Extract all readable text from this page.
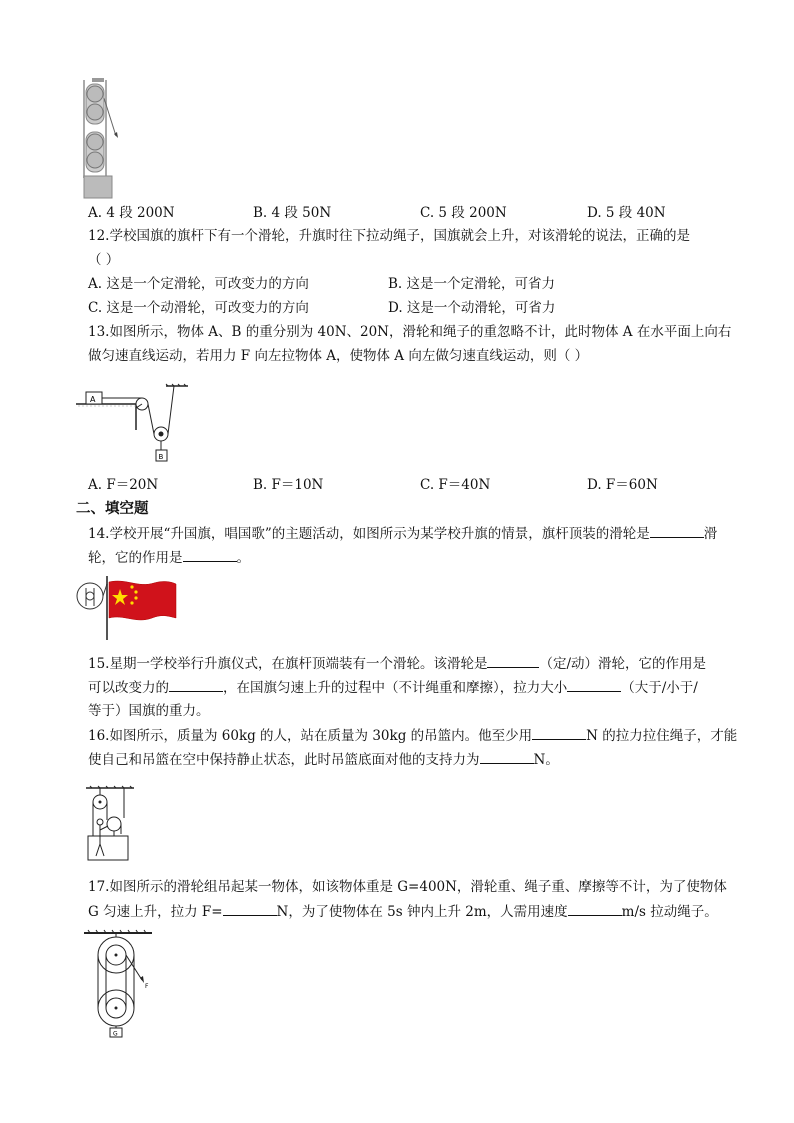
A. 4 段 200N	B. 4 段 50N	C. 5 段 200N	D. 5 段 40N
12.学校国旗的旗杆下有一个滑轮，升旗时往下拉动绳子，国旗就会上升，对该滑轮的说法，正确的是
（ ）
A. 这是一个定滑轮，可改变力的方向	B. 这是一个定滑轮，可省力
C. 这是一个动滑轮，可改变力的方向	D. 这是一个动滑轮，可省力
13.如图所示，物体 A、B 的重分别为 40N、20N，滑轮和绳子的重忽略不计，此时物体 A 在水平面上向右
做匀速直线运动，若用力 F 向左拉物体 A，使物体 A 向左做匀速直线运动，则（ ）
A
B
A. F＝20N	B. F＝10N	C. F＝40N	D. F＝60N
二、填空题
14.学校开展“升国旗，唱国歌”的主题活动，如图所示为某学校升旗的情景，旗杆顶装的滑轮是	滑
轮，它的作用是	。
15.星期一学校举行升旗仪式，在旗杆顶端装有一个滑轮。该滑轮是	（定/动）滑轮，它的作用是
可以改变力的	，在国旗匀速上升的过程中（不计绳重和摩擦），拉力大小	（大于/小于/
等于）国旗的重力。
16.如图所示，质量为 60kg 的人，站在质量为 30kg 的吊篮内。他至少用	N 的拉力拉住绳子，才能
使自己和吊篮在空中保持静止状态，此时吊篮底面对他的支持力为	N。
17.如图所示的滑轮组吊起某一物体，如该物体重是 G=400N，滑轮重、绳子重、摩擦等不计，为了使物体
G 匀速上升，拉力 F=	N，为了使物体在 5s 钟内上升 2m，人需用速度	m/s 拉动绳子。
F
G
